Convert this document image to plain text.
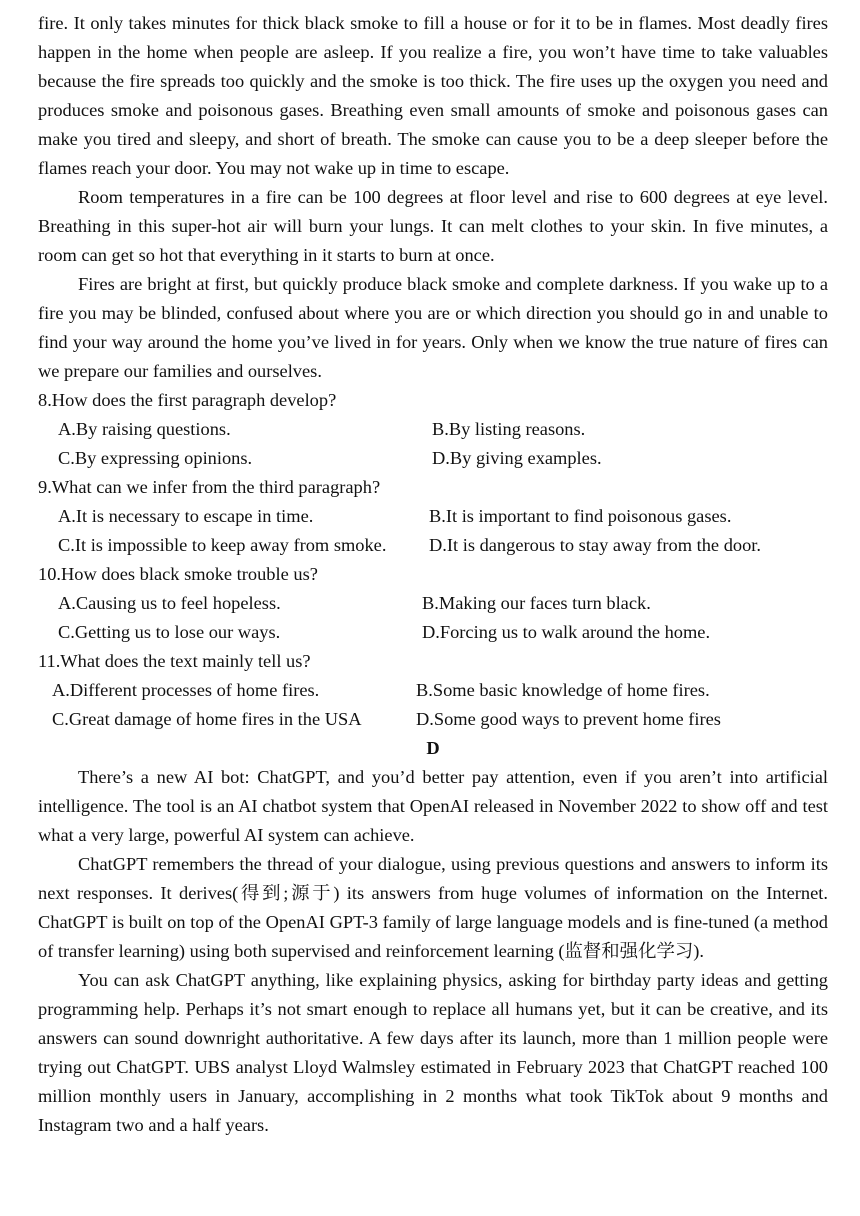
fire. It only takes minutes for thick black smoke to fill a house or for it to be in flames. Most deadly fires happen in the home when people are asleep. If you realize a fire, you won’t have time to take valuables because the fire spreads too quickly and the smoke is too thick. The fire uses up the oxygen you need and produces smoke and poisonous gases. Breathing even small amounts of smoke and poisonous gases can make you tired and sleepy, and short of breath. The smoke can cause you to be a deep sleeper before the flames reach your door. You may not wake up in time to escape.

Room temperatures in a fire can be 100 degrees at floor level and rise to 600 degrees at eye level. Breathing in this super-hot air will burn your lungs. It can melt clothes to your skin. In five minutes, a room can get so hot that everything in it starts to burn at once.

Fires are bright at first, but quickly produce black smoke and complete darkness. If you wake up to a fire you may be blinded, confused about where you are or which direction you should go in and unable to find your way around the home you’ve lived in for years. Only when we know the true nature of fires can we prepare our families and ourselves.

8.How does the first paragraph develop?
A.By raising questions.	B.By listing reasons.
C.By expressing opinions.	D.By giving examples.
9.What can we infer from the third paragraph?
A.It is necessary to escape in time.	B.It is important to find poisonous gases.
C.It is impossible to keep away from smoke.	D.It is dangerous to stay away from the door.
10.How does black smoke trouble us?
A.Causing us to feel hopeless.	B.Making our faces turn black.
C.Getting us to lose our ways.	D.Forcing us to walk around the home.
11.What does the text mainly tell us?
A.Different processes of home fires.	B.Some basic knowledge of home fires.
C.Great damage of home fires in the USA	D.Some good ways to prevent home fires
D

There’s a new AI bot: ChatGPT, and you’d better pay attention, even if you aren’t into artificial intelligence. The tool is an AI chatbot system that OpenAI released in November 2022 to show off and test what a very large, powerful AI system can achieve.

ChatGPT remembers the thread of your dialogue, using previous questions and answers to inform its next responses. It derives(得到;源于) its answers from huge volumes of information on the Internet. ChatGPT is built on top of the OpenAI GPT-3 family of large language models and is fine-tuned (a method of transfer learning) using both supervised and reinforcement learning (监督和强化学习).

You can ask ChatGPT anything, like explaining physics, asking for birthday party ideas and getting programming help. Perhaps it’s not smart enough to replace all humans yet, but it can be creative, and its answers can sound downright authoritative. A few days after its launch, more than 1 million people were trying out ChatGPT. UBS analyst Lloyd Walmsley estimated in February 2023 that ChatGPT reached 100 million monthly users in January, accomplishing in 2 months what took TikTok about 9 months and Instagram two and a half years.
